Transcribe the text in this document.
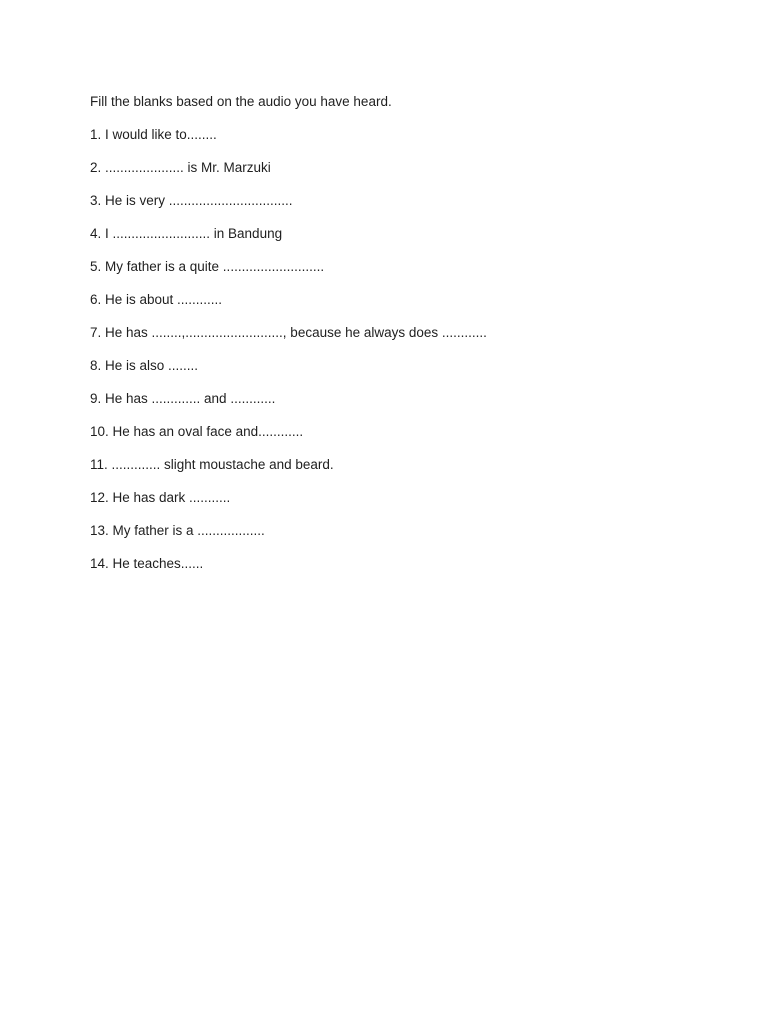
Fill the blanks based on the audio you have heard.

1. I would like to........
2. ..................... is Mr. Marzuki
3. He is very .................................
4. I .......................... in Bandung
5. My father is a quite ...........................
6. He is about ............
7. He has ........,.........................., because he always does ............
8. He is also ........
9. He has ............. and ............
10. He has an oval face and............
11. ............. slight moustache and beard.
12. He has dark ...........
13. My father is a ..................
14. He teaches......
